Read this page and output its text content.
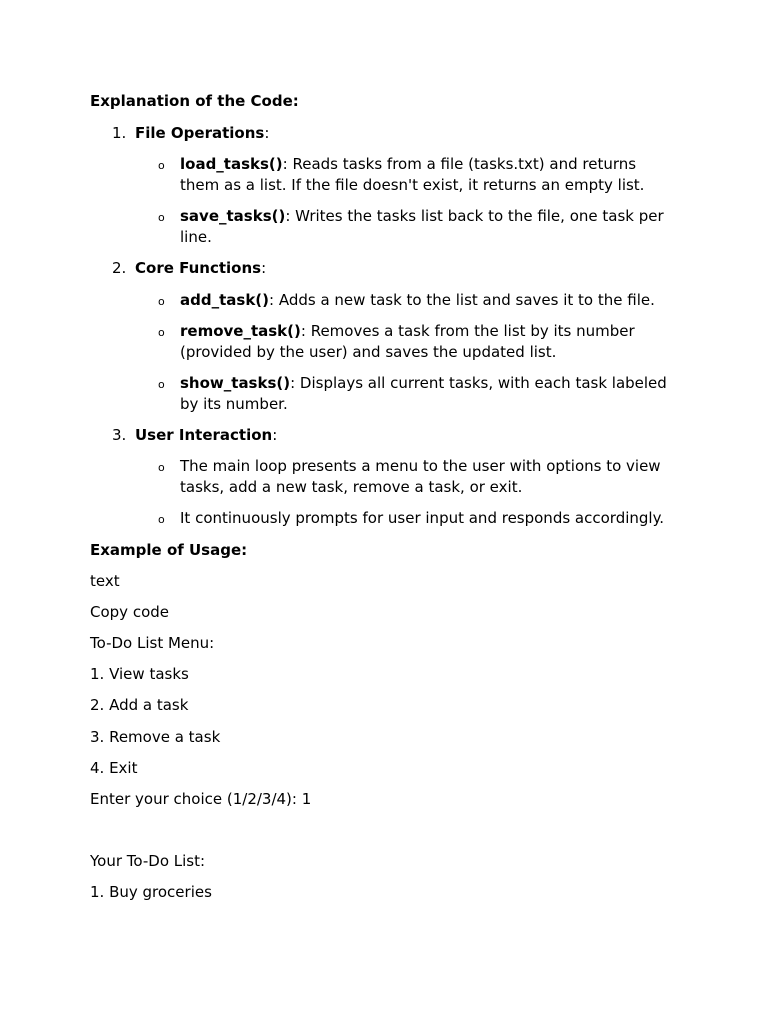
Explanation of the Code:
1. File Operations:
o load_tasks(): Reads tasks from a file (tasks.txt) and returns them as a list. If the file doesn't exist, it returns an empty list.
o save_tasks(): Writes the tasks list back to the file, one task per line.
2. Core Functions:
o add_task(): Adds a new task to the list and saves it to the file.
o remove_task(): Removes a task from the list by its number (provided by the user) and saves the updated list.
o show_tasks(): Displays all current tasks, with each task labeled by its number.
3. User Interaction:
o The main loop presents a menu to the user with options to view tasks, add a new task, remove a task, or exit.
o It continuously prompts for user input and responds accordingly.
Example of Usage:
text
Copy code
To-Do List Menu:
1. View tasks
2. Add a task
3. Remove a task
4. Exit
Enter your choice (1/2/3/4): 1
Your To-Do List:
1. Buy groceries
